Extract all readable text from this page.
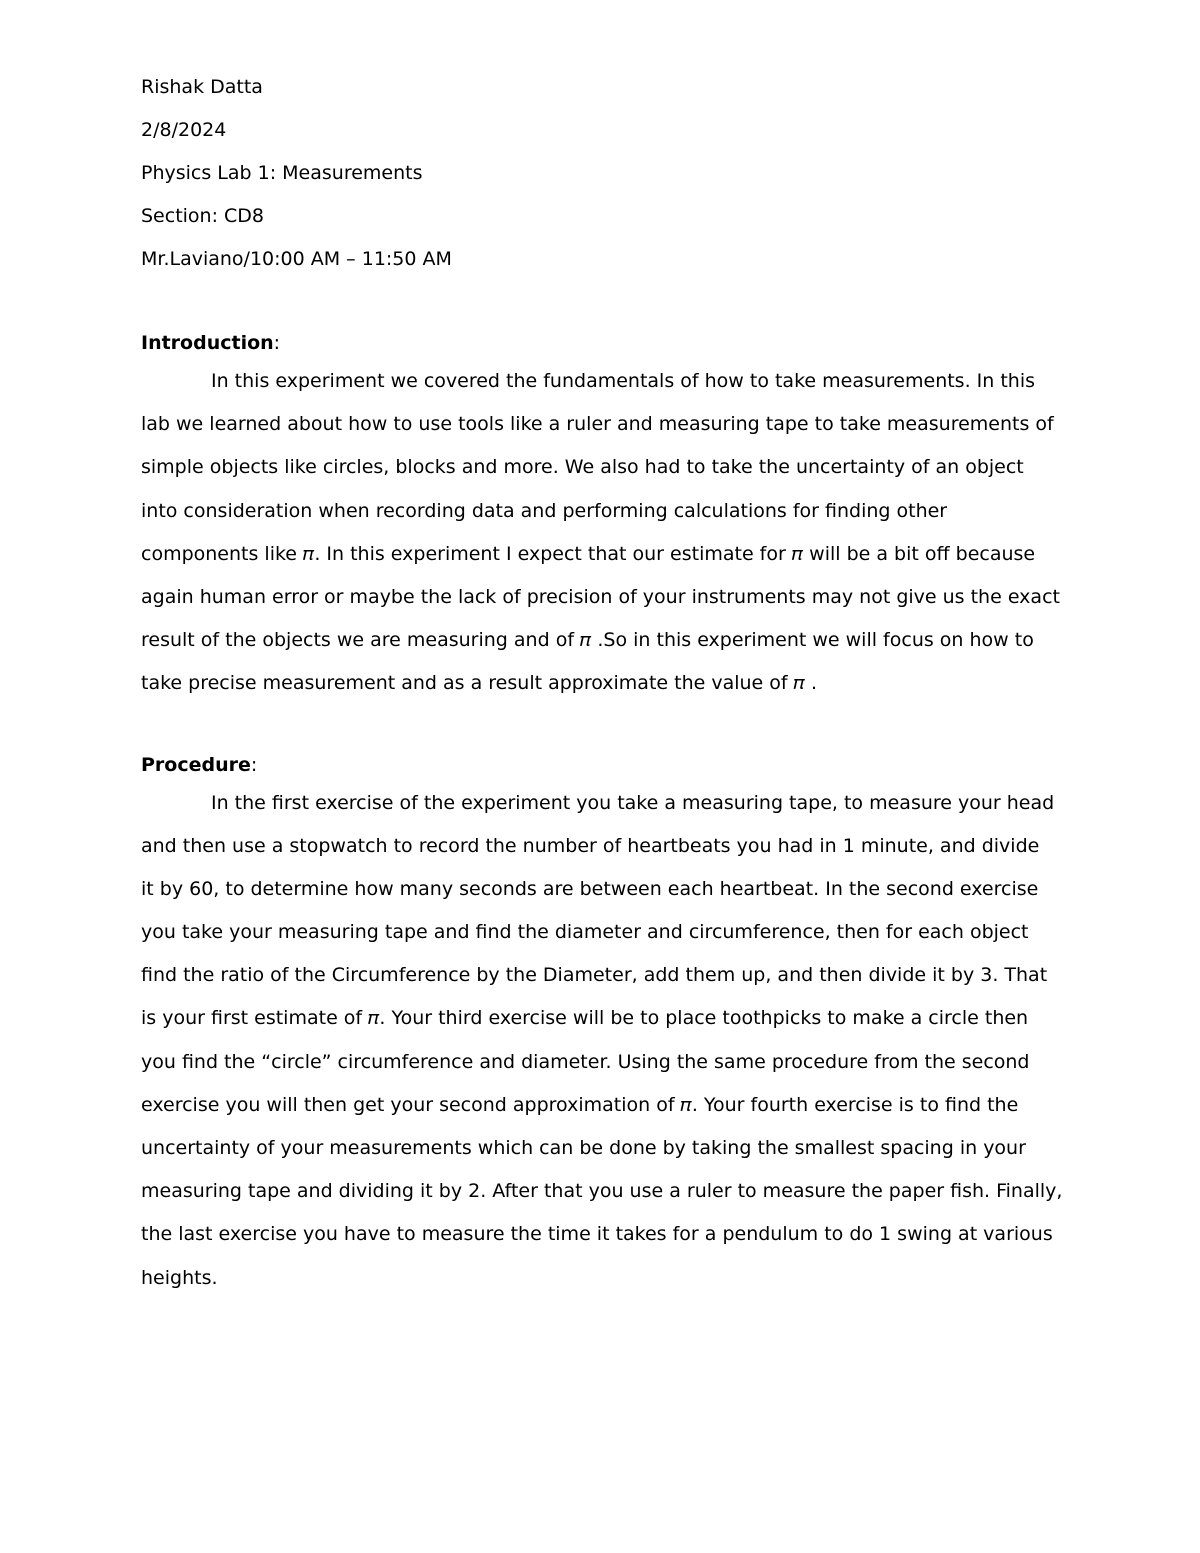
Rishak Datta
2/8/2024
Physics Lab 1: Measurements
Section: CD8
Mr.Laviano/10:00 AM – 11:50 AM
Introduction:
In this experiment we covered the fundamentals of how to take measurements. In this
lab we learned about how to use tools like a ruler and measuring tape to take measurements of
simple objects like circles, blocks and more. We also had to take the uncertainty of an object
into consideration when recording data and performing calculations for finding other
components like 𝜋. In this experiment I expect that our estimate for 𝜋 will be a bit off because
again human error or maybe the lack of precision of your instruments may not give us the exact
result of the objects we are measuring and of 𝜋 .So in this experiment we will focus on how to
take precise measurement and as a result approximate the value of 𝜋 .
Procedure:
In the first exercise of the experiment you take a measuring tape, to measure your head
and then use a stopwatch to record the number of heartbeats you had in 1 minute, and divide
it by 60, to determine how many seconds are between each heartbeat. In the second exercise
you take your measuring tape and find the diameter and circumference, then for each object
find the ratio of the Circumference by the Diameter, add them up, and then divide it by 3. That
is your first estimate of 𝜋. Your third exercise will be to place toothpicks to make a circle then
you find the “circle” circumference and diameter. Using the same procedure from the second
exercise you will then get your second approximation of 𝜋. Your fourth exercise is to find the
uncertainty of your measurements which can be done by taking the smallest spacing in your
measuring tape and dividing it by 2. After that you use a ruler to measure the paper fish. Finally,
the last exercise you have to measure the time it takes for a pendulum to do 1 swing at various
heights.
